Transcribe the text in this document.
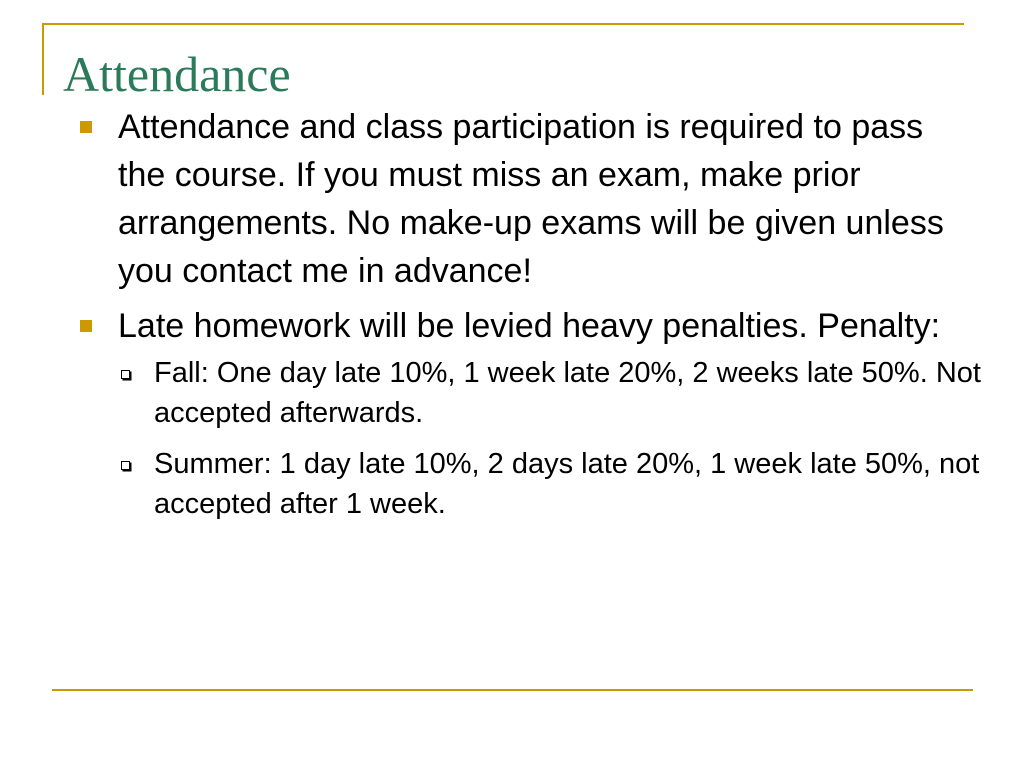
Attendance
Attendance and class participation is required to pass the course. If you must miss an exam, make prior arrangements. No make-up exams will be given unless you contact me in advance!
Late homework will be levied heavy penalties. Penalty:
Fall: One day late 10%, 1 week late 20%, 2 weeks late 50%. Not accepted afterwards.
Summer: 1 day late 10%, 2 days late 20%, 1 week late 50%, not accepted after 1 week.
